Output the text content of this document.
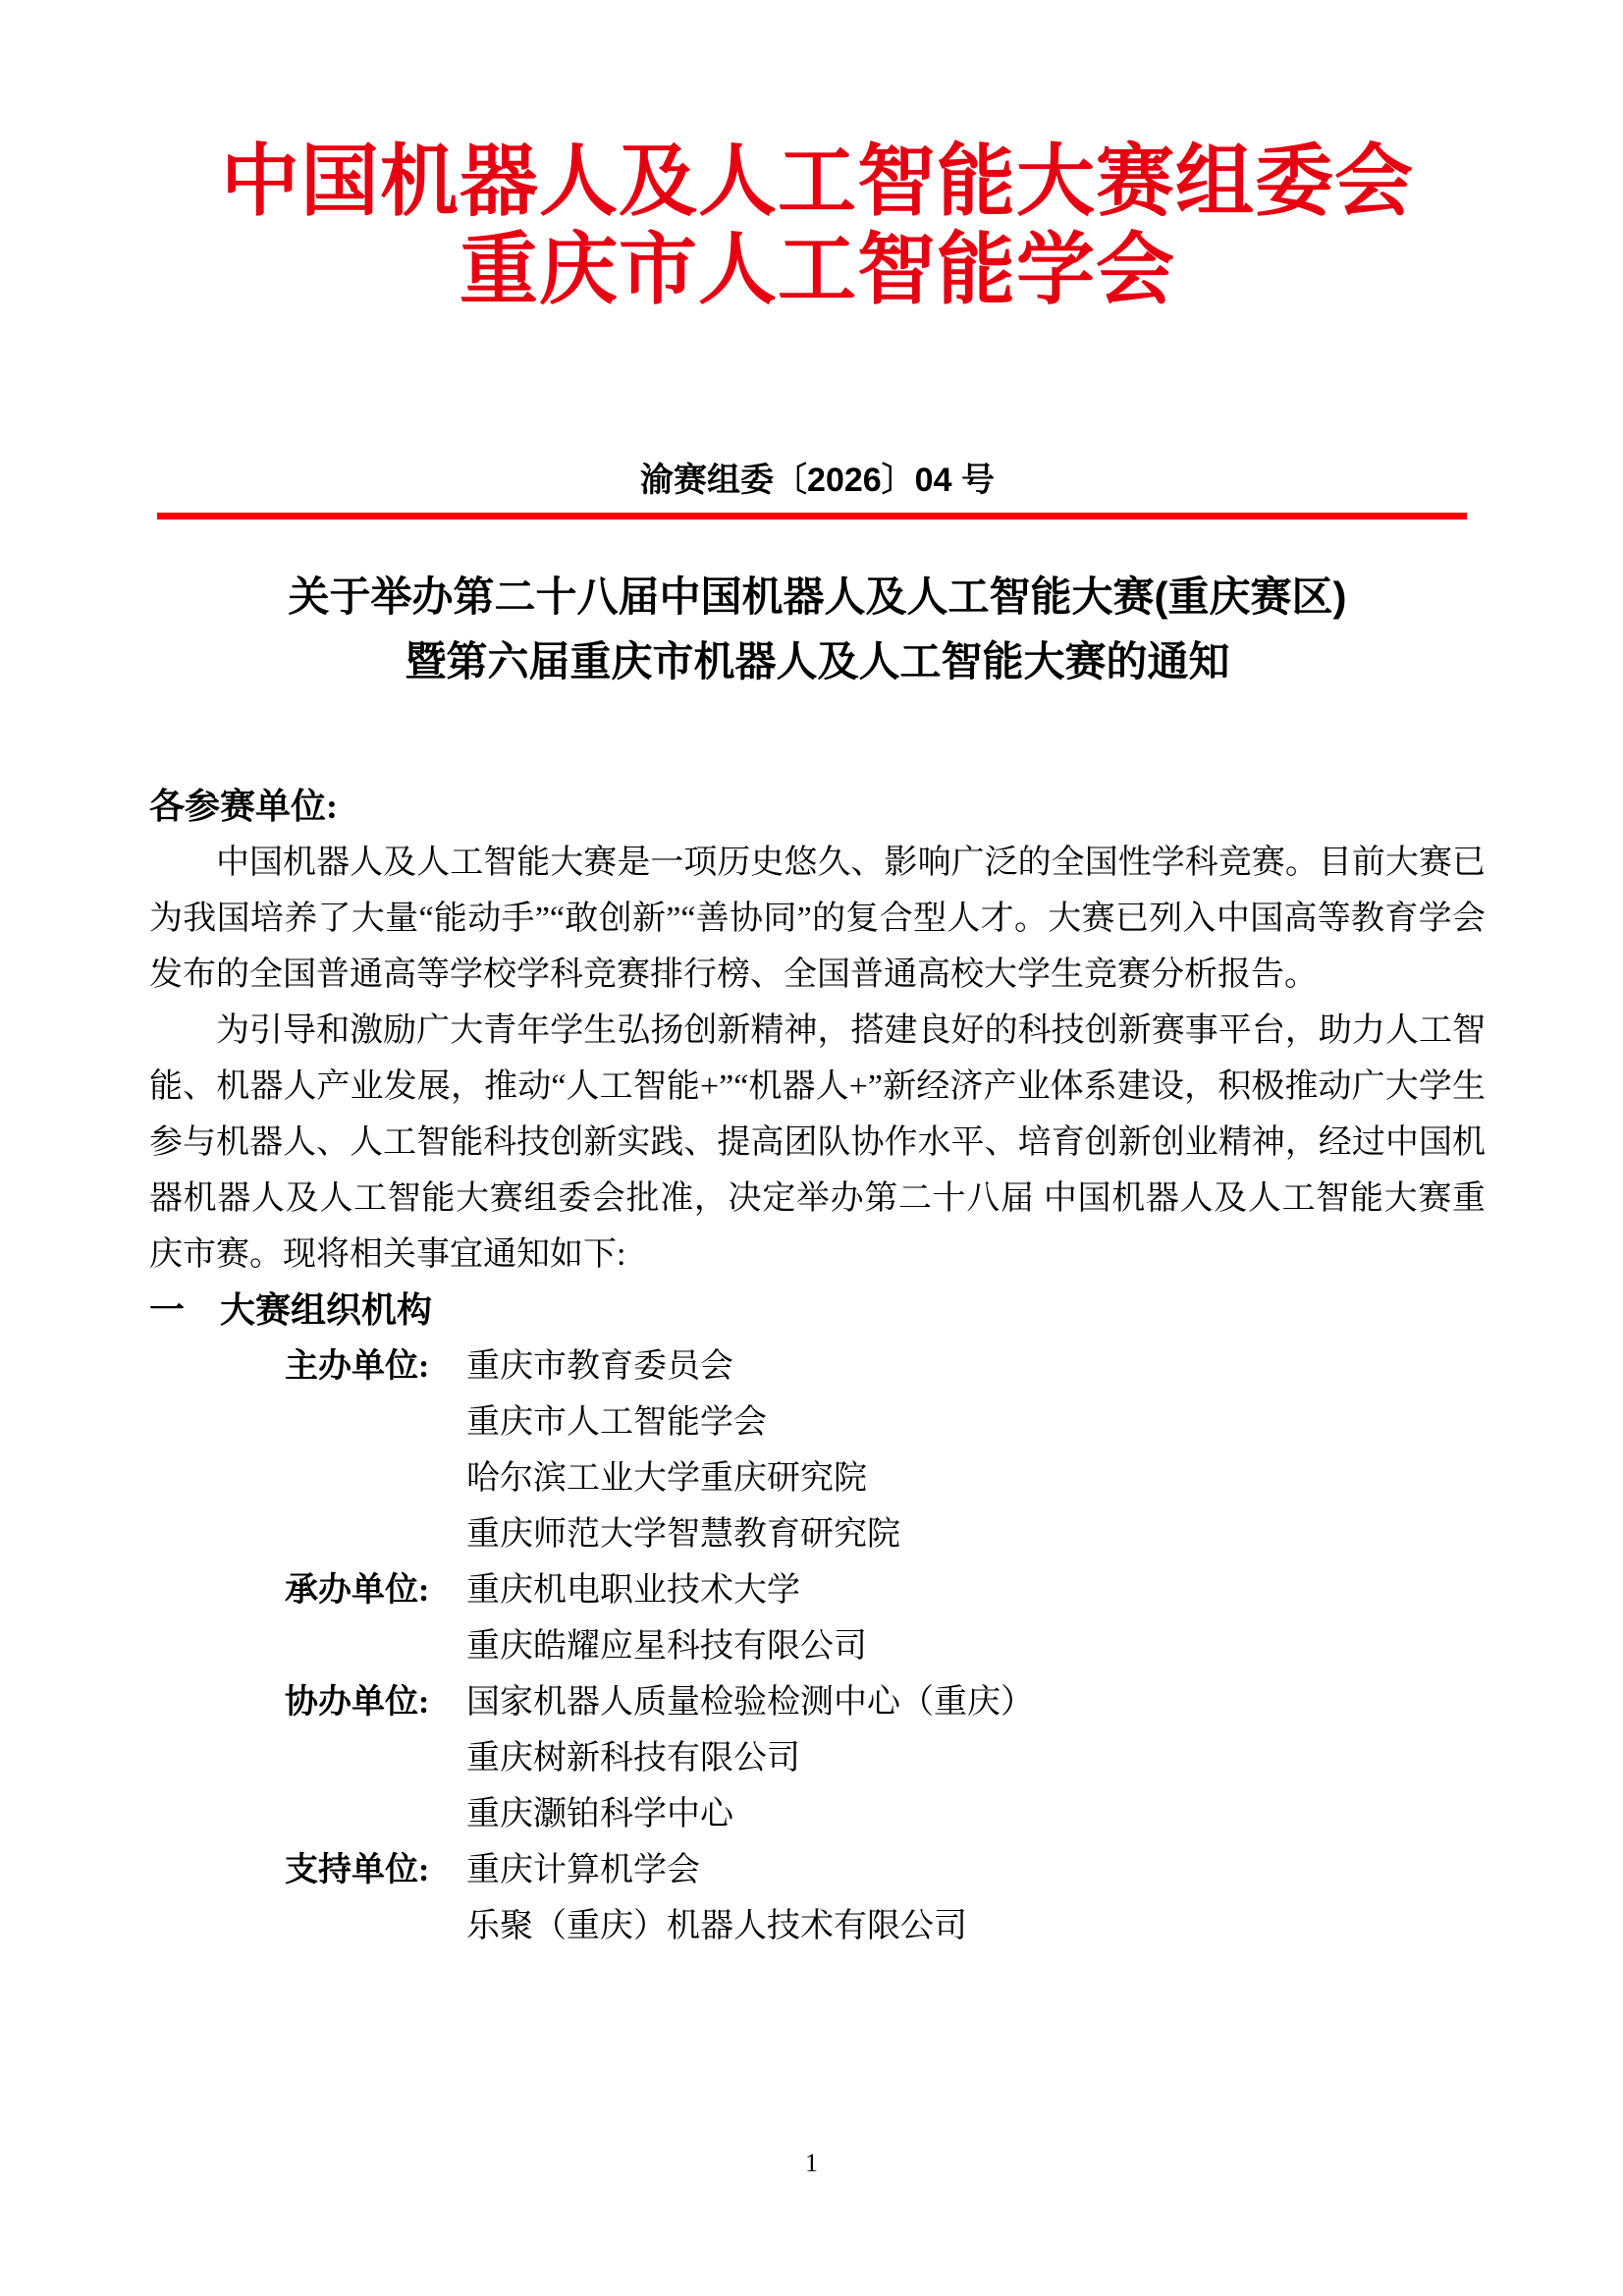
中国机器人及人工智能大赛组委会
重庆市人工智能学会
渝赛组委〔2026〕04 号
关于举办第二十八届中国机器人及人工智能大赛(重庆赛区)
暨第六届重庆市机器人及人工智能大赛的通知

各参赛单位:

中国机器人及人工智能大赛是一项历史悠久、影响广泛的全国性学科竞赛。目前大赛已为我国培养了大量“能动手”“敢创新”“善协同”的复合型人才。大赛已列入中国高等教育学会发布的全国普通高等学校学科竞赛排行榜、全国普通高校大学生竞赛分析报告。

为引导和激励广大青年学生弘扬创新精神，搭建良好的科技创新赛事平台，助力人工智能、机器人产业发展，推动“人工智能+”“机器人+”新经济产业体系建设，积极推动广大学生参与机器人、人工智能科技创新实践、提高团队协作水平、培育创新创业精神，经过中国机器机器人及人工智能大赛组委会批准，决定举办第二十八届 中国机器人及人工智能大赛重庆市赛。现将相关事宜通知如下:

一　大赛组织机构
主办单位:	重庆市教育委员会
重庆市人工智能学会
哈尔滨工业大学重庆研究院
重庆师范大学智慧教育研究院
承办单位:	重庆机电职业技术大学
重庆皓耀应星科技有限公司
协办单位:	国家机器人质量检验检测中心（重庆）
重庆树新科技有限公司
重庆灏铂科学中心
支持单位:	重庆计算机学会
乐聚（重庆）机器人技术有限公司
1
